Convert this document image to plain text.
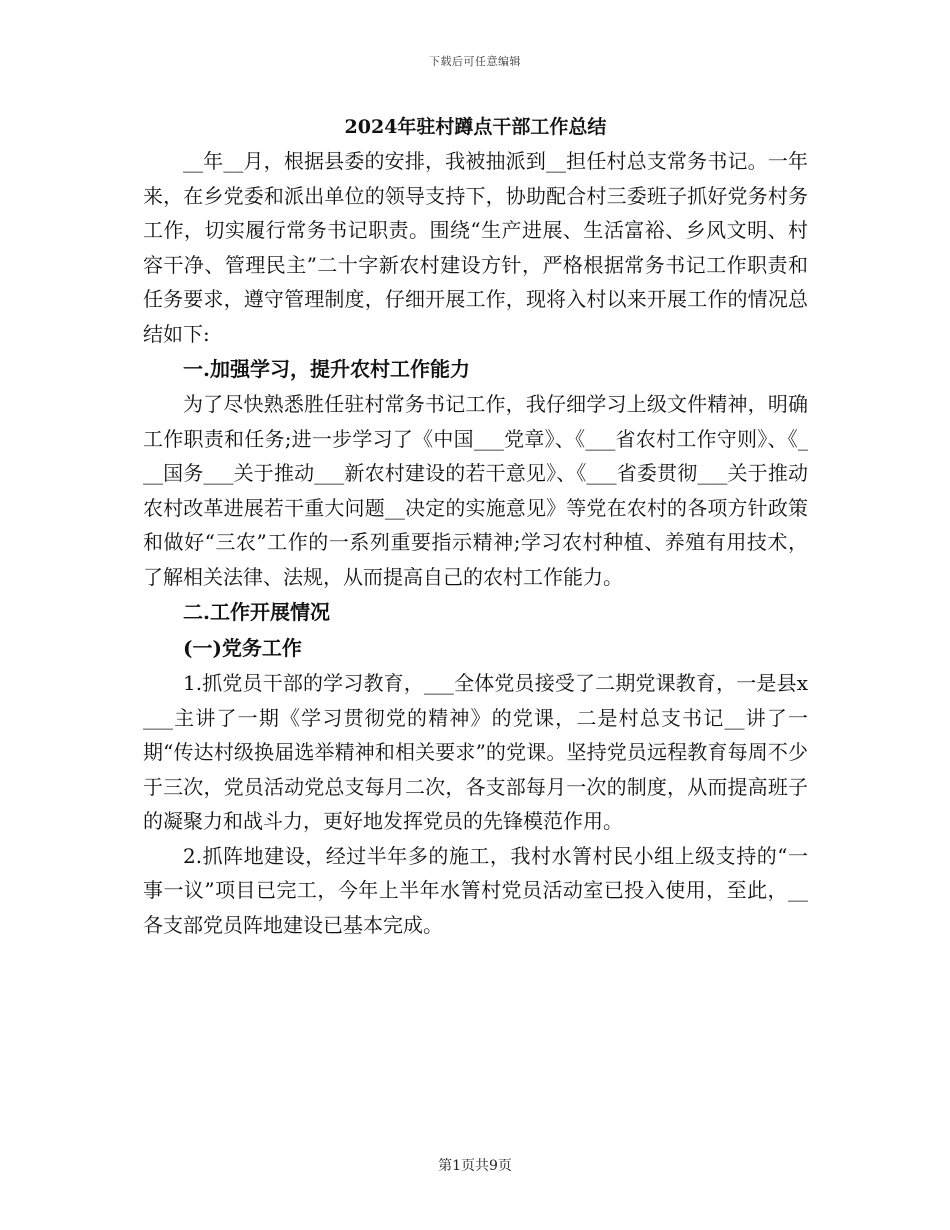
下载后可任意编辑
2024年驻村蹲点干部工作总结

__年__月，根据县委的安排，我被抽派到__担任村总支常务书记。一年来，在乡党委和派出单位的领导支持下，协助配合村三委班子抓好党务村务工作，切实履行常务书记职责。围绕“生产进展、生活富裕、乡风文明、村容干净、管理民主”二十字新农村建设方针，严格根据常务书记工作职责和任务要求，遵守管理制度，仔细开展工作，现将入村以来开展工作的情况总结如下:

一.加强学习，提升农村工作能力

为了尽快熟悉胜任驻村常务书记工作，我仔细学习上级文件精神，明确工作职责和任务;进一步学习了《中国___党章》、《___省农村工作守则》、《___国务___关于推动___新农村建设的若干意见》、《___省委贯彻___关于推动农村改革进展若干重大问题__决定的实施意见》等党在农村的各项方针政策和做好“三农”工作的一系列重要指示精神;学习农村种植、养殖有用技术，了解相关法律、法规，从而提高自己的农村工作能力。

二.工作开展情况
(一)党务工作

1.抓党员干部的学习教育，___全体党员接受了二期党课教育，一是县x___主讲了一期《学习贯彻党的精神》的党课，二是村总支书记__讲了一期“传达村级换届选举精神和相关要求”的党课。坚持党员远程教育每周不少于三次，党员活动党总支每月二次，各支部每月一次的制度，从而提高班子的凝聚力和战斗力，更好地发挥党员的先锋模范作用。

2.抓阵地建设，经过半年多的施工，我村水箐村民小组上级支持的“一事一议”项目已完工，今年上半年水箐村党员活动室已投入使用，至此，__各支部党员阵地建设已基本完成。

第1页共9页
